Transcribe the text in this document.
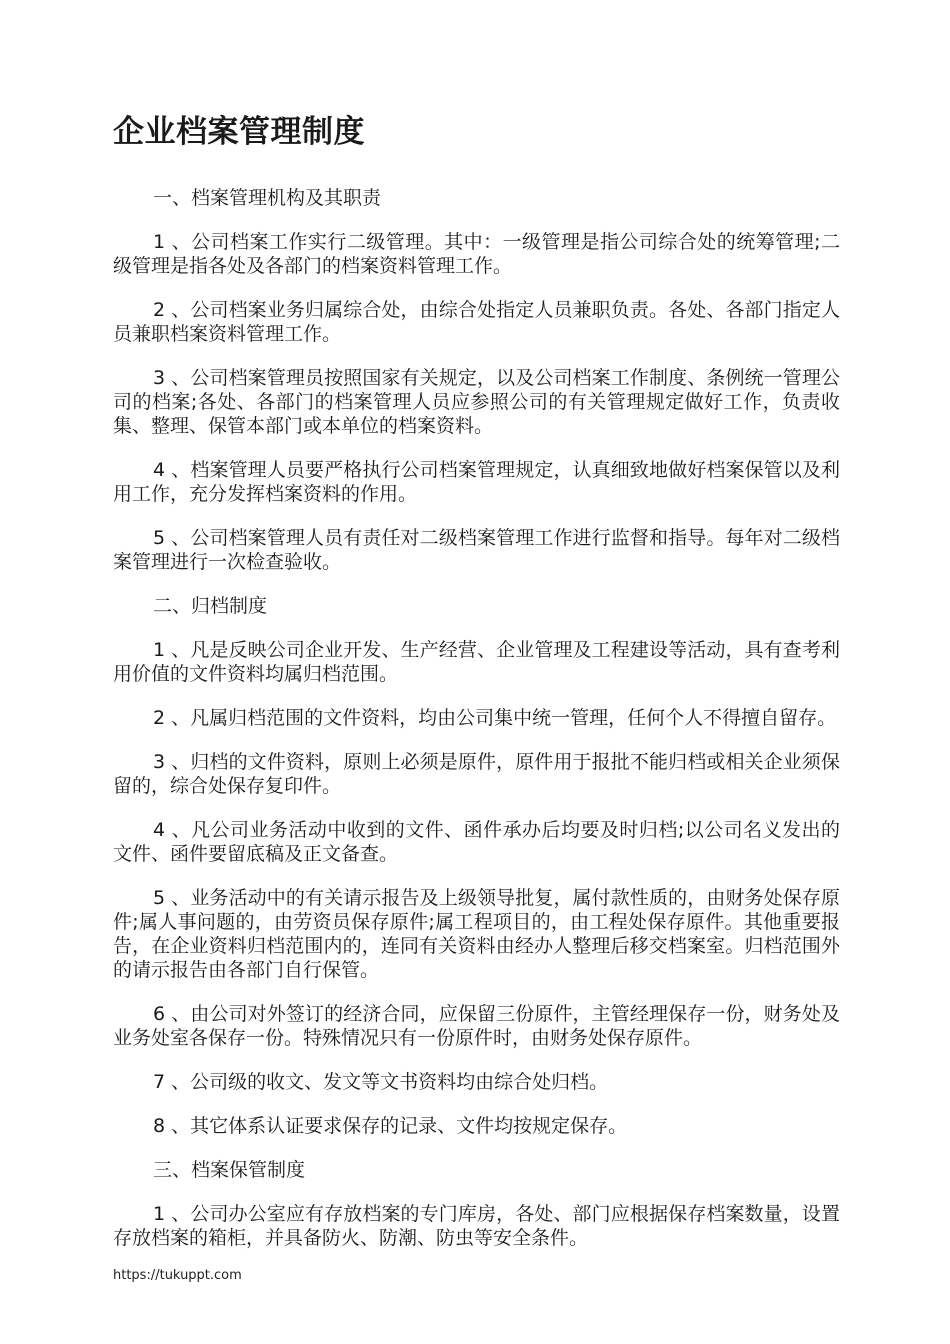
企业档案管理制度

一、档案管理机构及其职责

1 、公司档案工作实行二级管理。其中：一级管理是指公司综合处的统筹管理;二级管理是指各处及各部门的档案资料管理工作。

2 、公司档案业务归属综合处，由综合处指定人员兼职负责。各处、各部门指定人员兼职档案资料管理工作。

3 、公司档案管理员按照国家有关规定，以及公司档案工作制度、条例统一管理公司的档案;各处、各部门的档案管理人员应参照公司的有关管理规定做好工作，负责收集、整理、保管本部门或本单位的档案资料。

4 、档案管理人员要严格执行公司档案管理规定，认真细致地做好档案保管以及利用工作，充分发挥档案资料的作用。

5 、公司档案管理人员有责任对二级档案管理工作进行监督和指导。每年对二级档案管理进行一次检查验收。

二、归档制度

1 、凡是反映公司企业开发、生产经营、企业管理及工程建设等活动，具有查考利用价值的文件资料均属归档范围。

2 、凡属归档范围的文件资料，均由公司集中统一管理，任何个人不得擅自留存。

3 、归档的文件资料，原则上必须是原件，原件用于报批不能归档或相关企业须保留的，综合处保存复印件。

4 、凡公司业务活动中收到的文件、函件承办后均要及时归档;以公司名义发出的文件、函件要留底稿及正文备查。

5 、业务活动中的有关请示报告及上级领导批复，属付款性质的，由财务处保存原件;属人事问题的，由劳资员保存原件;属工程项目的，由工程处保存原件。其他重要报告，在企业资料归档范围内的，连同有关资料由经办人整理后移交档案室。归档范围外的请示报告由各部门自行保管。

6 、由公司对外签订的经济合同，应保留三份原件，主管经理保存一份，财务处及业务处室各保存一份。特殊情况只有一份原件时，由财务处保存原件。

7 、公司级的收文、发文等文书资料均由综合处归档。

8 、其它体系认证要求保存的记录、文件均按规定保存。

三、档案保管制度

1 、公司办公室应有存放档案的专门库房，各处、部门应根据保存档案数量，设置存放档案的箱柜，并具备防火、防潮、防虫等安全条件。

https://tukuppt.com
